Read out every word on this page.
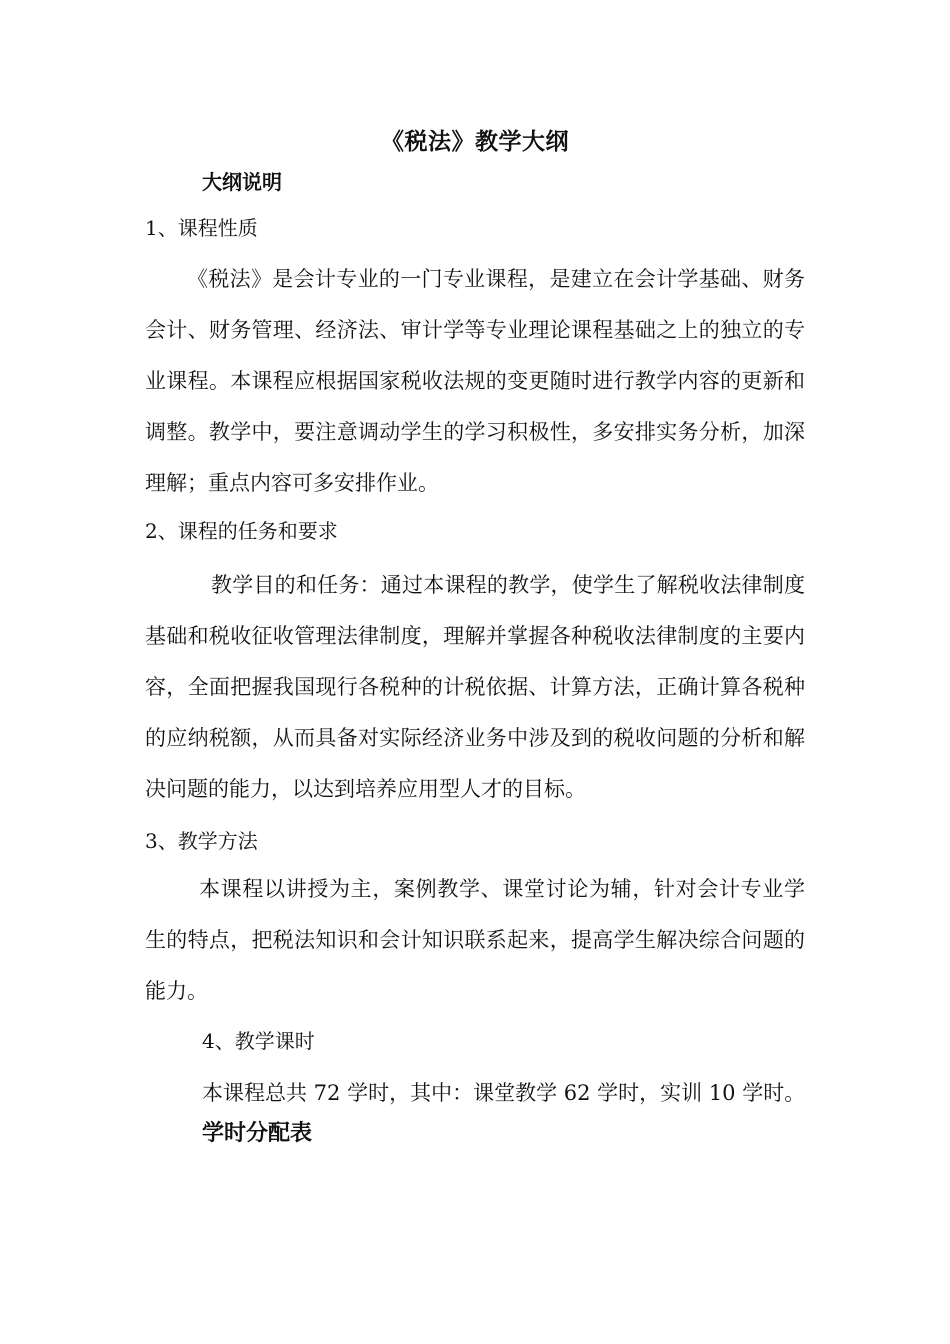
《税法》教学大纲
大纲说明
1、课程性质
《税法》是会计专业的一门专业课程，是建立在会计学基础、财务会计、财务管理、经济法、审计学等专业理论课程基础之上的独立的专业课程。本课程应根据国家税收法规的变更随时进行教学内容的更新和调整。教学中，要注意调动学生的学习积极性，多安排实务分析，加深理解；重点内容可多安排作业。
2、课程的任务和要求
教学目的和任务：通过本课程的教学，使学生了解税收法律制度基础和税收征收管理法律制度，理解并掌握各种税收法律制度的主要内容，全面把握我国现行各税种的计税依据、计算方法，正确计算各税种的应纳税额，从而具备对实际经济业务中涉及到的税收问题的分析和解决问题的能力，以达到培养应用型人才的目标。
3、教学方法
本课程以讲授为主，案例教学、课堂讨论为辅，针对会计专业学生的特点，把税法知识和会计知识联系起来，提高学生解决综合问题的能力。
4、教学课时
本课程总共 72 学时，其中：课堂教学 62 学时，实训 10 学时。
学时分配表
